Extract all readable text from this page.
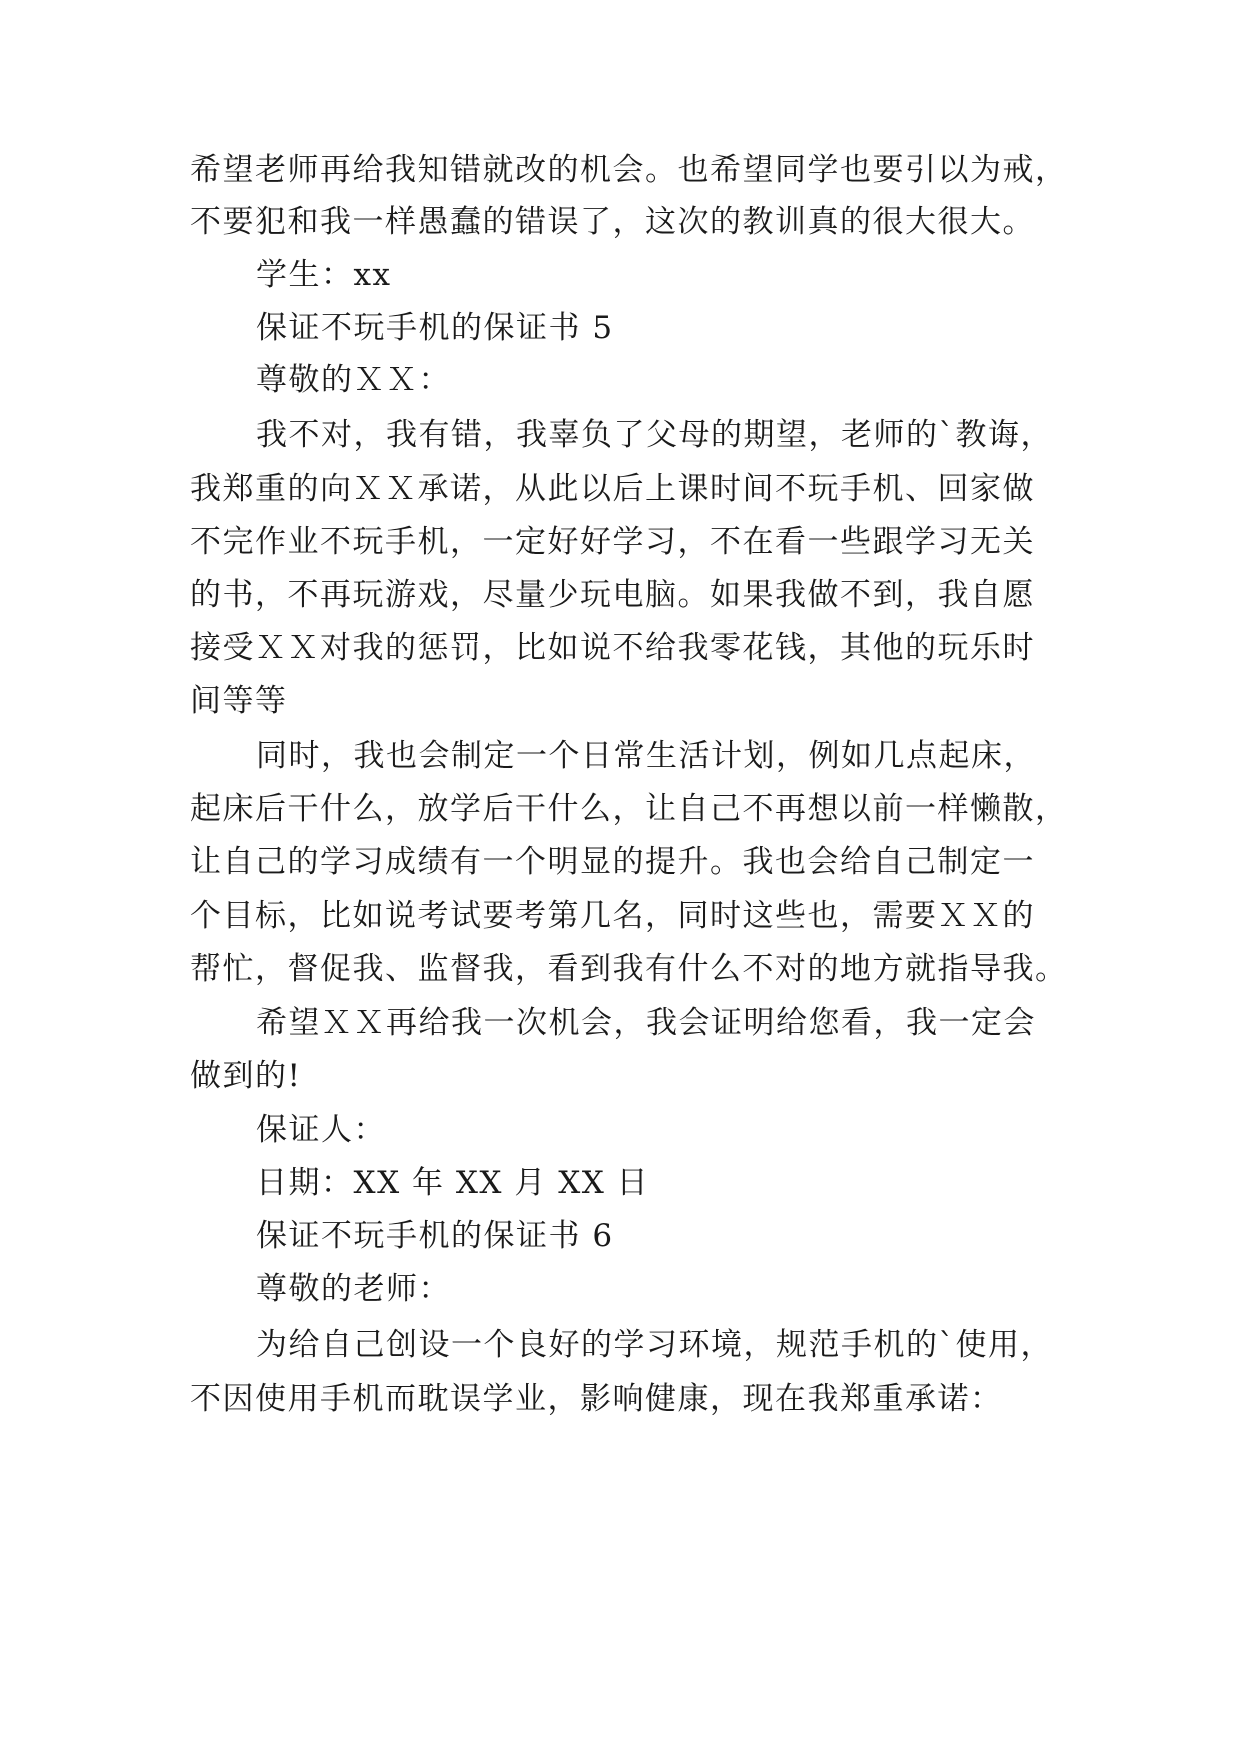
希望老师再给我知错就改的机会。也希望同学也要引以为戒，
不要犯和我一样愚蠢的错误了，这次的教训真的很大很大。
学生：xx
保证不玩手机的保证书 5
尊敬的ＸＸ：
我不对，我有错，我辜负了父母的期望，老师的`教诲，
我郑重的向ＸＸ承诺，从此以后上课时间不玩手机、回家做
不完作业不玩手机，一定好好学习，不在看一些跟学习无关
的书，不再玩游戏，尽量少玩电脑。如果我做不到，我自愿
接受ＸＸ对我的惩罚，比如说不给我零花钱，其他的玩乐时
间等等
同时，我也会制定一个日常生活计划，例如几点起床，
起床后干什么，放学后干什么，让自己不再想以前一样懒散，
让自己的学习成绩有一个明显的提升。我也会给自己制定一
个目标，比如说考试要考第几名，同时这些也，需要ＸＸ的
帮忙，督促我、监督我，看到我有什么不对的地方就指导我。
希望ＸＸ再给我一次机会，我会证明给您看，我一定会
做到的!
保证人：
日期：XX 年 XX 月 XX 日
保证不玩手机的保证书 6
尊敬的老师：
为给自己创设一个良好的学习环境，规范手机的`使用，
不因使用手机而耽误学业，影响健康，现在我郑重承诺：
